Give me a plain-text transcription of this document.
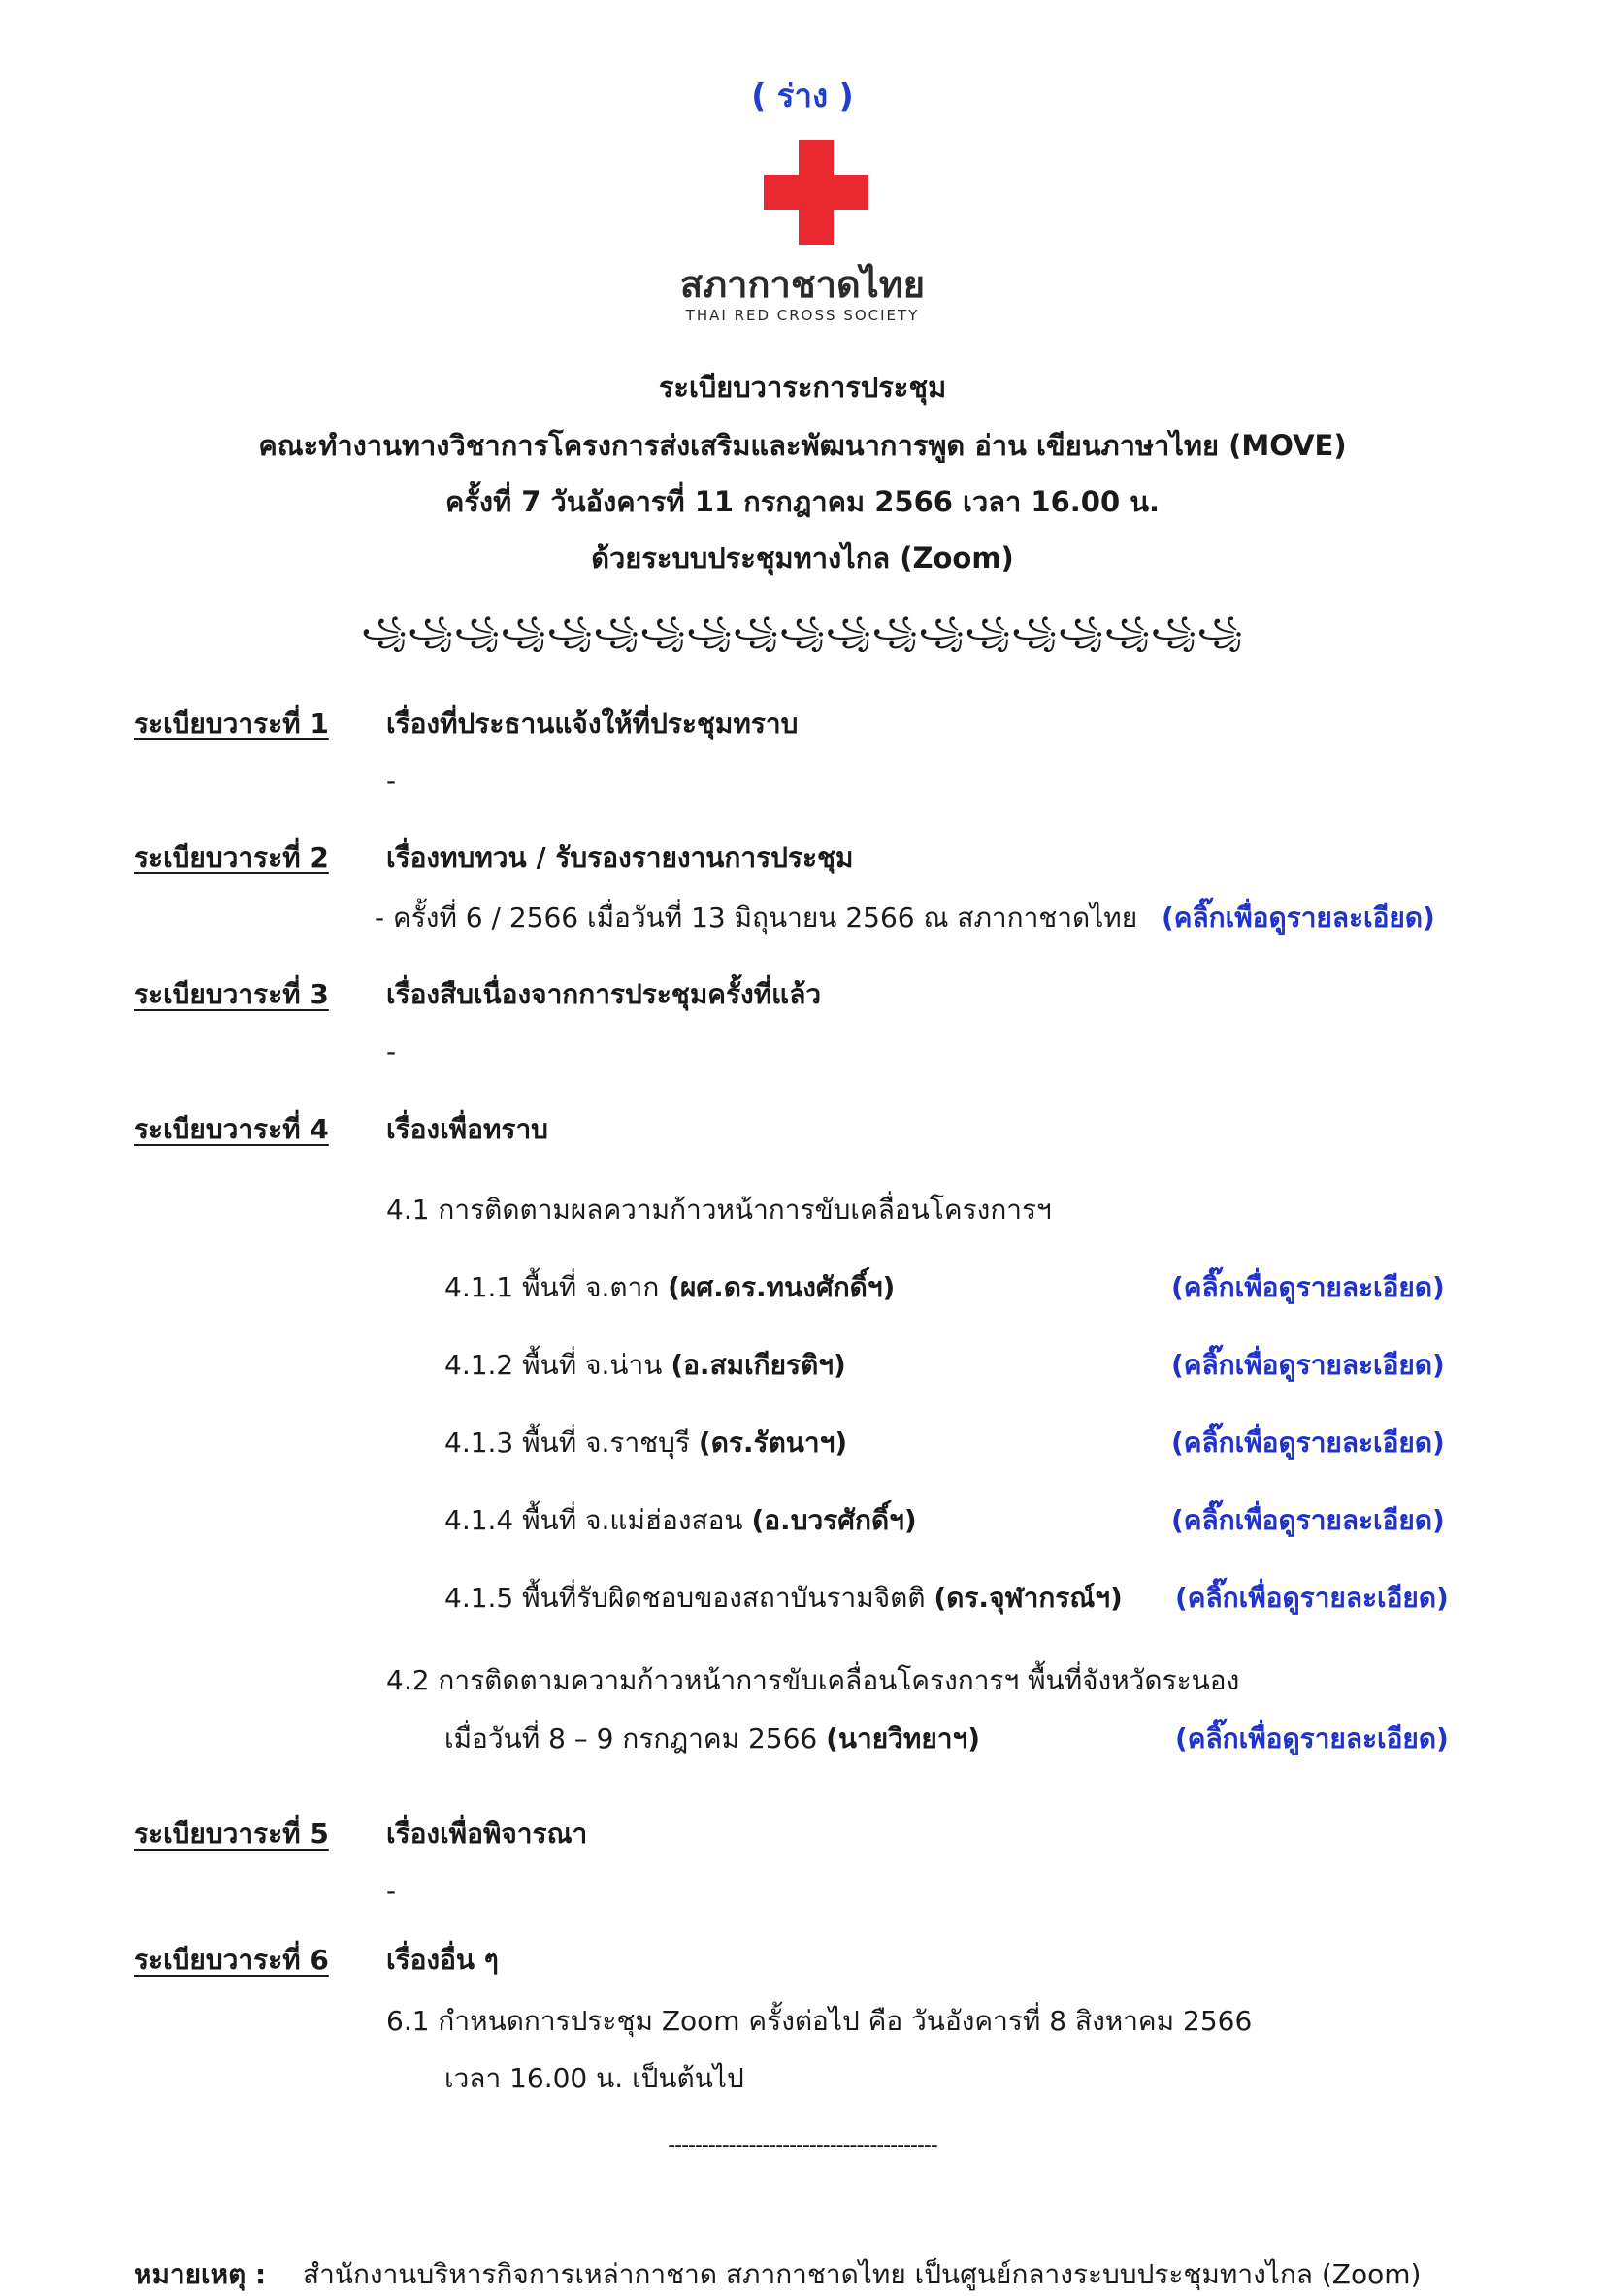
( ร่าง )
สภากาชาดไทย
THAI RED CROSS SOCIETY
ระเบียบวาระการประชุม
คณะทำงานทางวิชาการโครงการส่งเสริมและพัฒนาการพูด อ่าน เขียนภาษาไทย (MOVE)
ครั้งที่ 7 วันอังคารที่ 11 กรกฎาคม 2566 เวลา 16.00 น.
ด้วยระบบประชุมทางไกล (Zoom)
꧁꧁꧁꧁꧁꧁꧁꧁꧁꧁꧁꧁꧁꧁꧁꧁꧁꧁꧁
ระเบียบวาระที่ 1 เรื่องที่ประธานแจ้งให้ที่ประชุมทราบ
-
ระเบียบวาระที่ 2 เรื่องทบทวน / รับรองรายงานการประชุม
- ครั้งที่ 6 / 2566 เมื่อวันที่ 13 มิถุนายน 2566 ณ สภากาชาดไทย (คลิ๊กเพื่อดูรายละเอียด)
ระเบียบวาระที่ 3 เรื่องสืบเนื่องจากการประชุมครั้งที่แล้ว
-
ระเบียบวาระที่ 4 เรื่องเพื่อทราบ
4.1 การติดตามผลความก้าวหน้าการขับเคลื่อนโครงการฯ
4.1.1 พื้นที่ จ.ตาก (ผศ.ดร.ทนงศักดิ์ฯ)	(คลิ๊กเพื่อดูรายละเอียด)
4.1.2 พื้นที่ จ.น่าน (อ.สมเกียรติฯ)	(คลิ๊กเพื่อดูรายละเอียด)
4.1.3 พื้นที่ จ.ราชบุรี (ดร.รัตนาฯ)	(คลิ๊กเพื่อดูรายละเอียด)
4.1.4 พื้นที่ จ.แม่ฮ่องสอน (อ.บวรศักดิ์ฯ)	(คลิ๊กเพื่อดูรายละเอียด)
4.1.5 พื้นที่รับผิดชอบของสถาบันรามจิตติ (ดร.จุฬากรณ์ฯ) (คลิ๊กเพื่อดูรายละเอียด)
4.2 การติดตามความก้าวหน้าการขับเคลื่อนโครงการฯ พื้นที่จังหวัดระนอง
เมื่อวันที่ 8 – 9 กรกฎาคม 2566 (นายวิทยาฯ)	(คลิ๊กเพื่อดูรายละเอียด)
ระเบียบวาระที่ 5 เรื่องเพื่อพิจารณา
-
ระเบียบวาระที่ 6 เรื่องอื่น ๆ
6.1 กำหนดการประชุม Zoom ครั้งต่อไป คือ วันอังคารที่ 8 สิงหาคม 2566
เวลา 16.00 น. เป็นต้นไป
----------------------------------------
หมายเหตุ : สำนักงานบริหารกิจการเหล่ากาชาด สภากาชาดไทย เป็นศูนย์กลางระบบประชุมทางไกล (Zoom)
